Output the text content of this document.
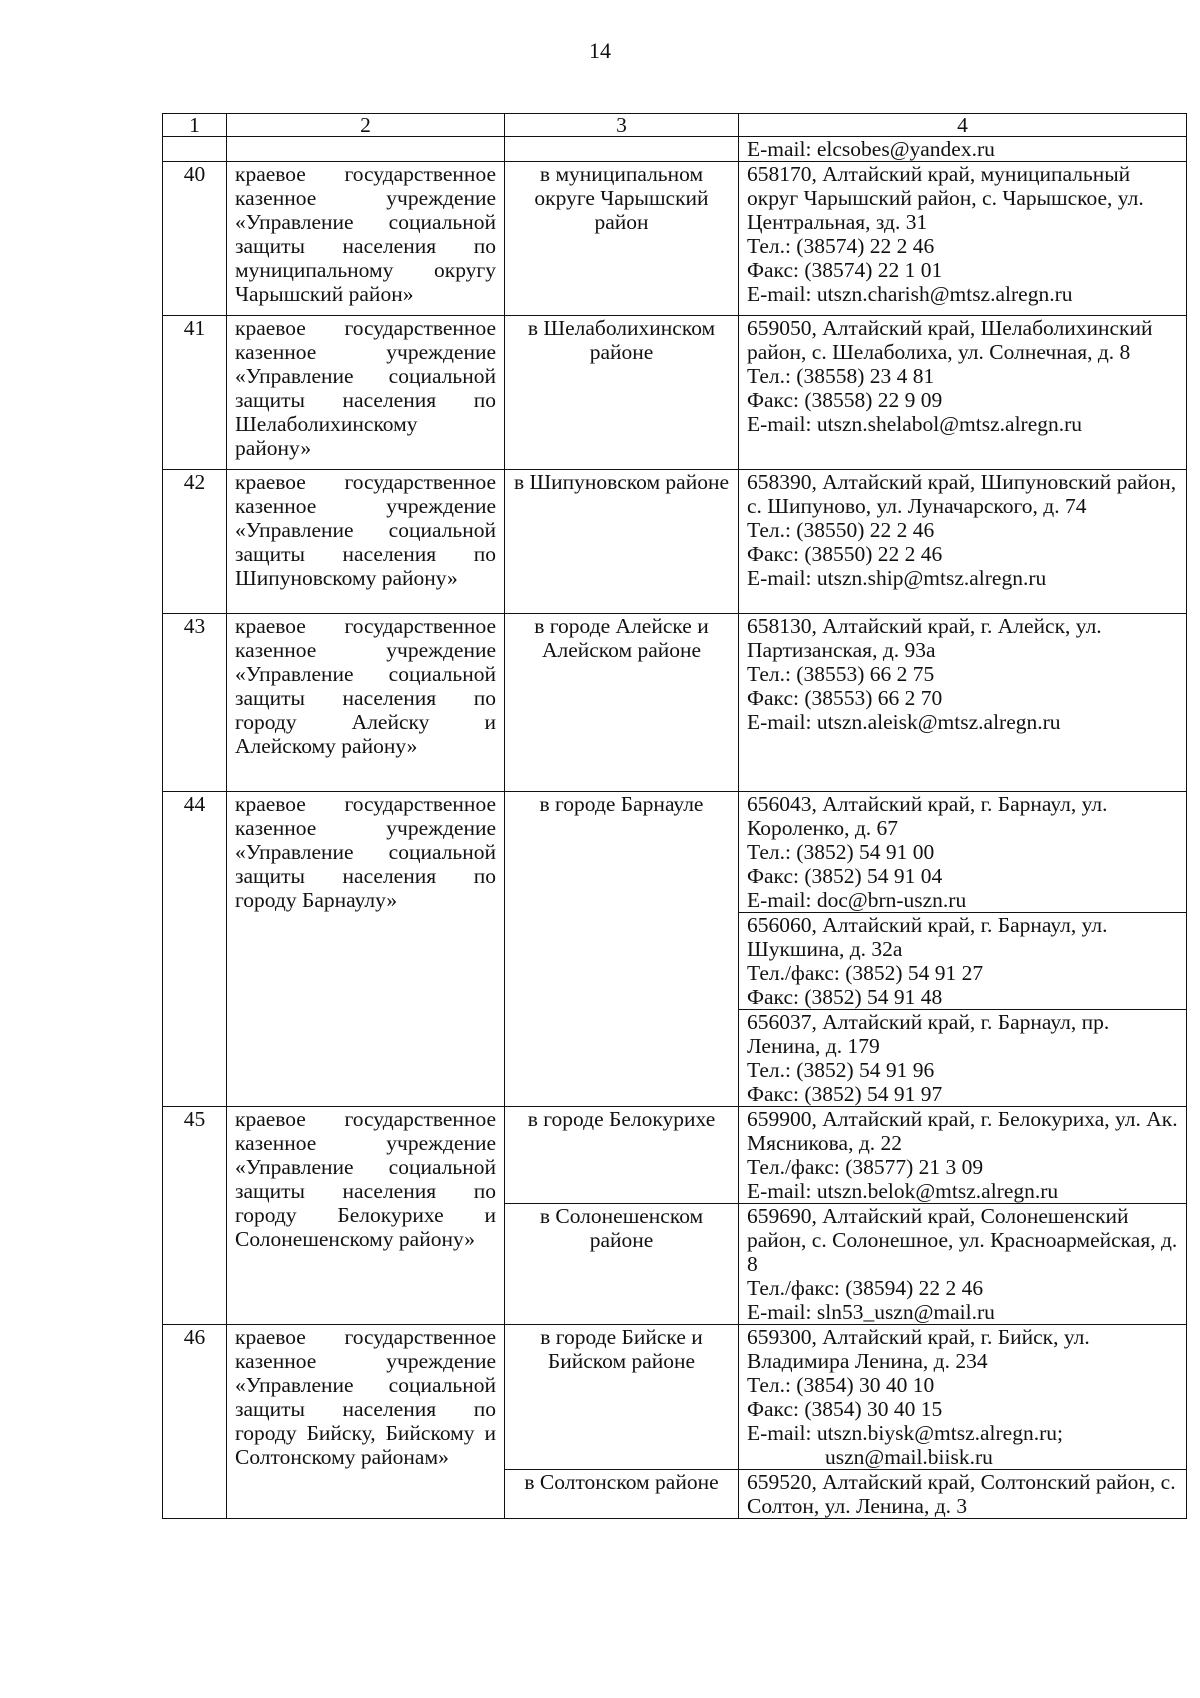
14
1	2	3	4

			E-mail: elcsobes@yandex.ru

40	краевое государственное казенное учреждение «Управление социальной защиты населения по муниципальному округу Чарышский район»	в муниципальном округе Чарышский район	658170, Алтайский край, муниципальный округ Чарышский район, с. Чарышское, ул. Центральная, зд. 31
Тел.: (38574) 22 2 46
Факс: (38574) 22 1 01
E-mail: utszn.charish@mtsz.alregn.ru

41	краевое государственное казенное учреждение «Управление социальной защиты населения по Шелаболихинскому району»	в Шелаболихинском районе	659050, Алтайский край, Шелаболихинский район, с. Шелаболиха, ул. Солнечная, д. 8
Тел.: (38558) 23 4 81
Факс: (38558) 22 9 09
E-mail: utszn.shelabol@mtsz.alregn.ru

42	краевое государственное казенное учреждение «Управление социальной защиты населения по Шипуновскому району»	в Шипуновском районе	658390, Алтайский край, Шипуновский район, с. Шипуново, ул. Луначарского, д. 74
Тел.: (38550) 22 2 46
Факс: (38550) 22 2 46
E-mail: utszn.ship@mtsz.alregn.ru

43	краевое государственное казенное учреждение «Управление социальной защиты населения по городу Алейску и Алейскому району»	в городе Алейске и Алейском районе	658130, Алтайский край, г. Алейск, ул. Партизанская, д. 93а
Тел.: (38553) 66 2 75
Факс: (38553) 66 2 70
E-mail: utszn.aleisk@mtsz.alregn.ru

44	краевое государственное казенное учреждение «Управление социальной защиты населения по городу Барнаулу»	в городе Барнауле	656043, Алтайский край, г. Барнаул, ул. Короленко, д. 67
Тел.: (3852) 54 91 00
Факс: (3852) 54 91 04
E-mail: doc@brn-uszn.ru

			656060, Алтайский край, г. Барнаул, ул. Шукшина, д. 32а
Тел./факс: (3852) 54 91 27
Факс: (3852) 54 91 48

			656037, Алтайский край, г. Барнаул, пр. Ленина, д. 179
Тел.: (3852) 54 91 96
Факс: (3852) 54 91 97

45	краевое государственное казенное учреждение «Управление социальной защиты населения по городу Белокурихе и Солонешенскому району»	в городе Белокурихе	659900, Алтайский край, г. Белокуриха, ул. Ак. Мясникова, д. 22
Тел./факс: (38577) 21 3 09
E-mail: utszn.belok@mtsz.alregn.ru

		в Солонешенском районе	659690, Алтайский край, Солонешенский район, с. Солонешное, ул. Красноармейская, д. 8
Тел./факс: (38594) 22 2 46
E-mail: sln53_uszn@mail.ru

46	краевое государственное казенное учреждение «Управление социальной защиты населения по городу Бийску, Бийскому и Солтонскому районам»	в городе Бийске и Бийском районе	659300, Алтайский край, г. Бийск, ул. Владимира Ленина, д. 234
Тел.: (3854) 30 40 10
Факс: (3854) 30 40 15
E-mail: utszn.biysk@mtsz.alregn.ru;
uszn@mail.biisk.ru

		в Солтонском районе	659520, Алтайский край, Солтонский район, с. Солтон, ул. Ленина, д. 3
